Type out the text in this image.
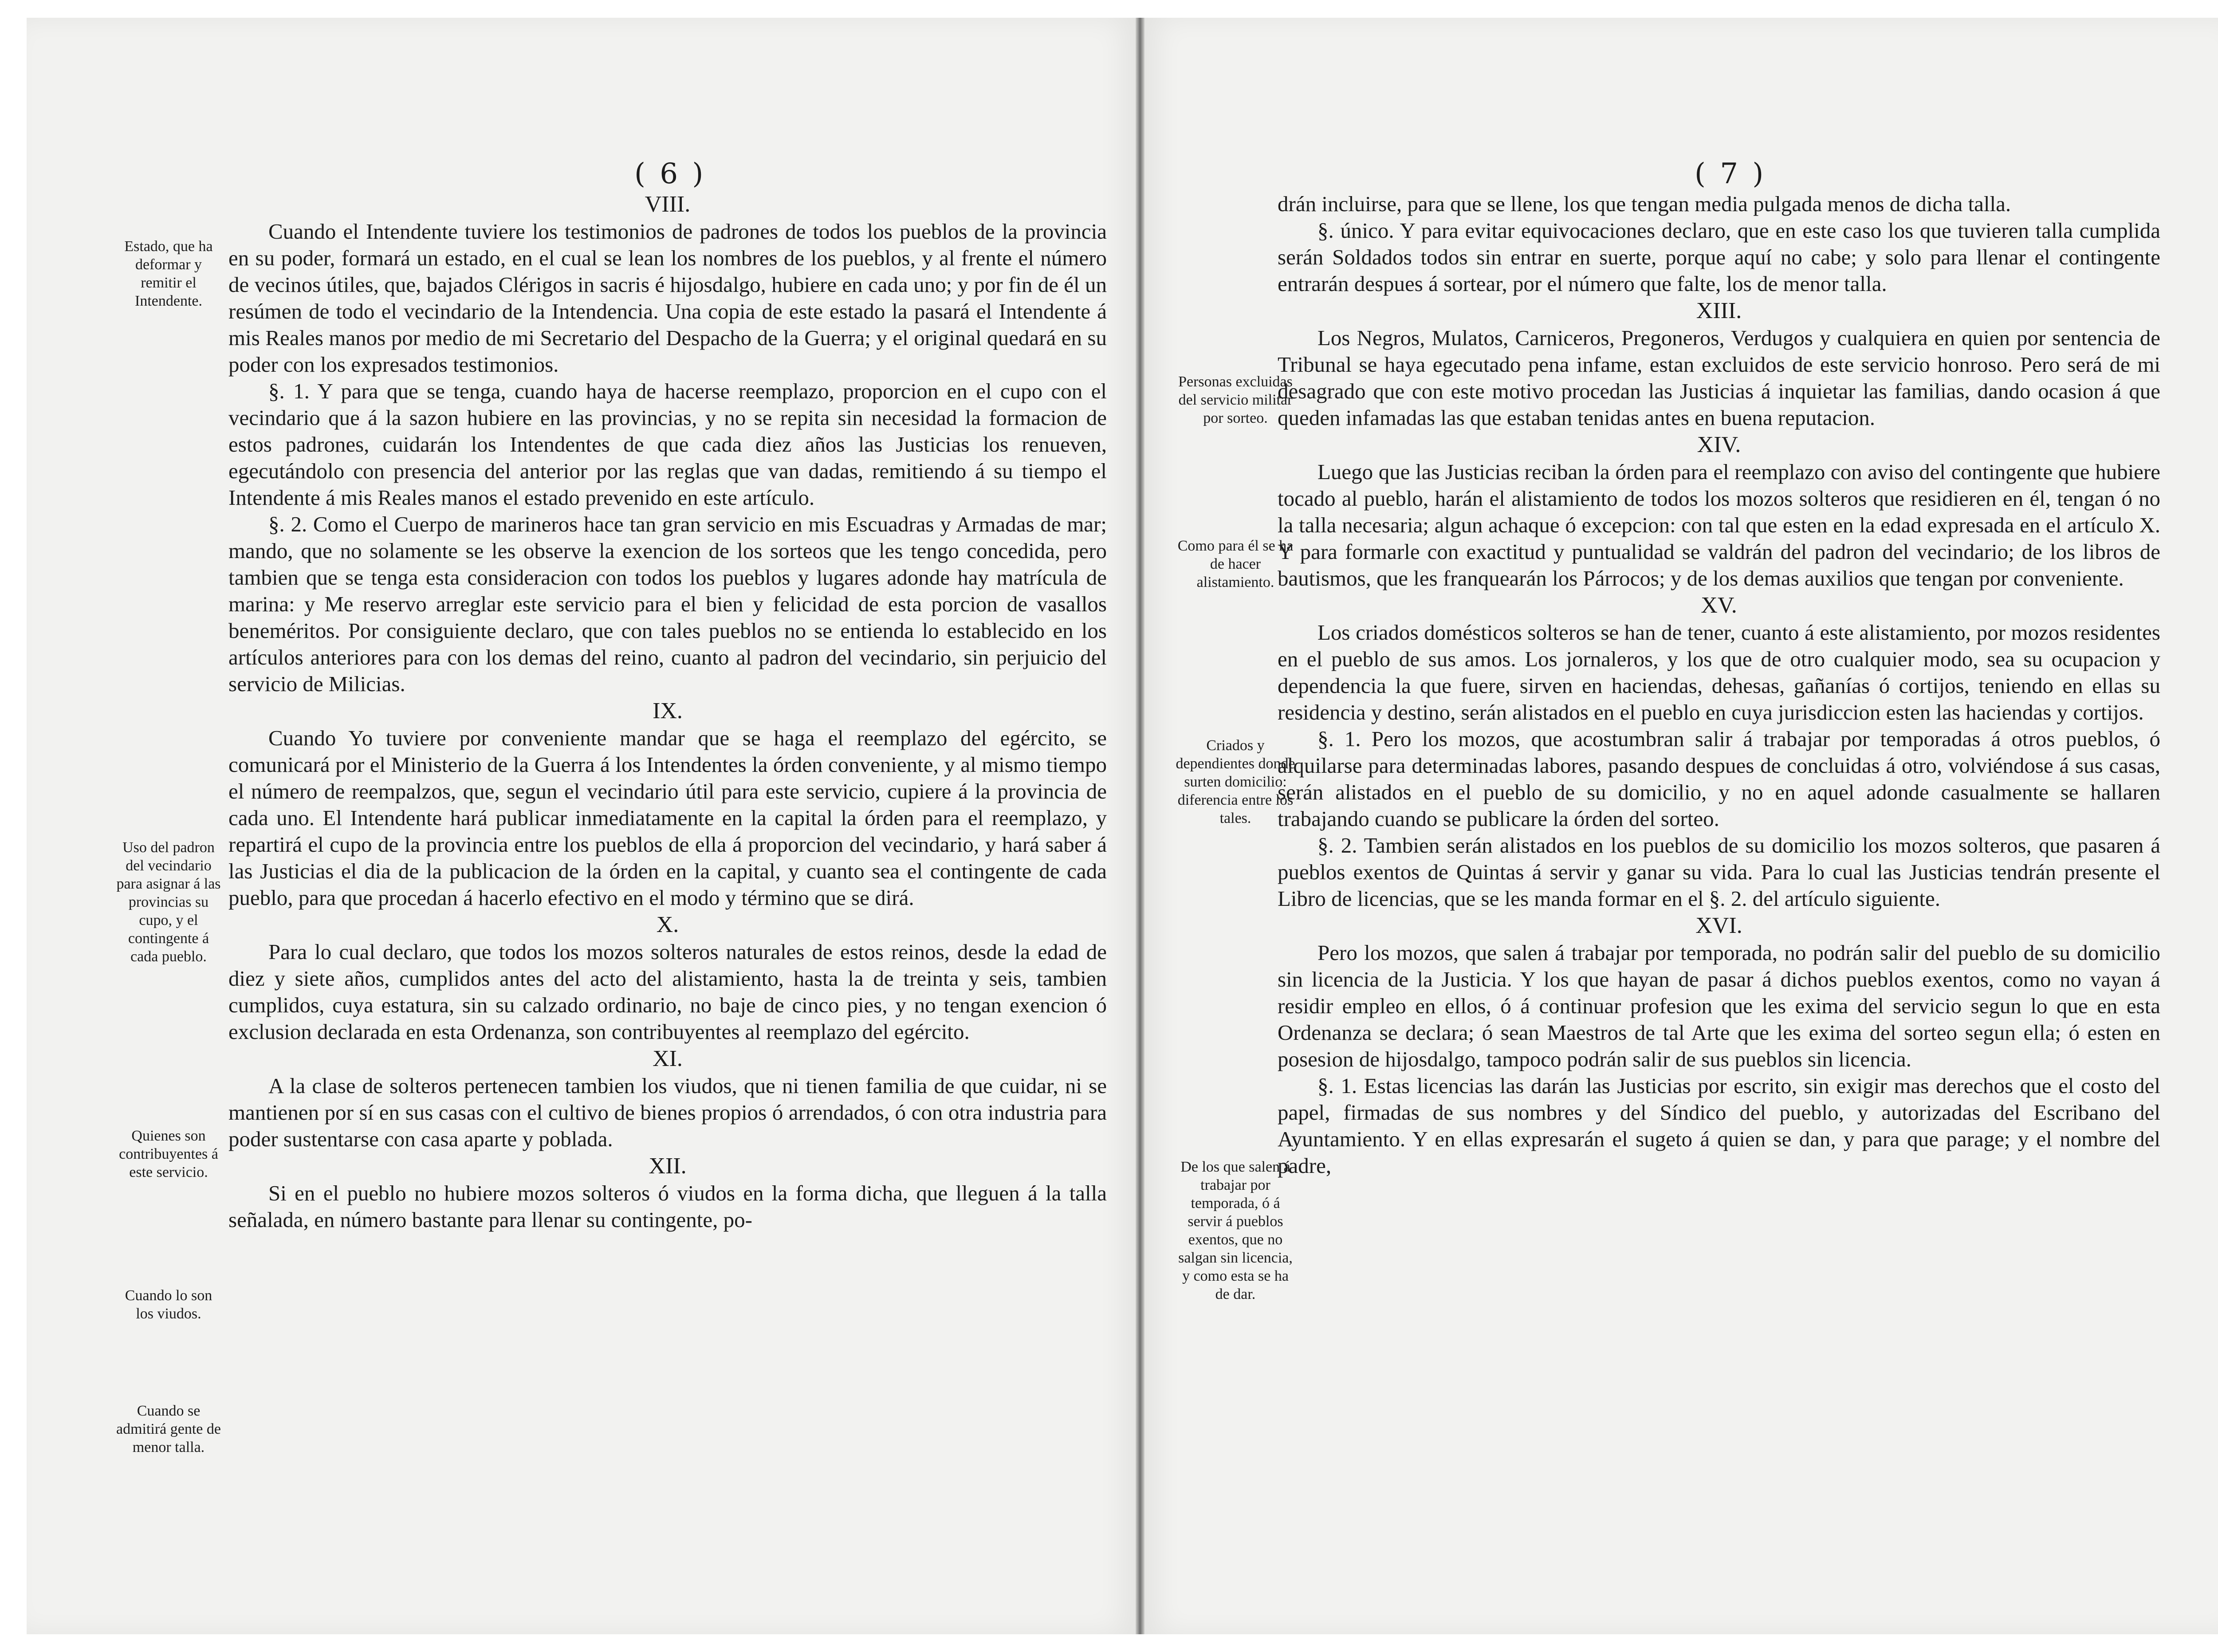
( 6 )
Estado, que ha deformar y remitir el Intendente.
Uso del padron del vecindario para asignar á las provincias su cupo, y el contingente á cada pueblo.
Quienes son contribuyentes á este servicio.
Cuando lo son los viudos.
Cuando se admitirá gente de menor talla.

VIII.

Cuando el Intendente tuviere los testimonios de padrones de todos los pueblos de la provincia en su poder, formará un estado, en el cual se lean los nombres de los pueblos, y al frente el número de vecinos útiles, que, bajados Clérigos in sacris é hijosdalgo, hubiere en cada uno; y por fin de él un resúmen de todo el vecindario de la Intendencia. Una copia de este estado la pasará el Intendente á mis Reales manos por medio de mi Secretario del Despacho de la Guerra; y el original quedará en su poder con los expresados testimonios.

§. 1. Y para que se tenga, cuando haya de hacerse reemplazo, proporcion en el cupo con el vecindario que á la sazon hubiere en las provincias, y no se repita sin necesidad la formacion de estos padrones, cuidarán los Intendentes de que cada diez años las Justicias los renueven, egecutándolo con presencia del anterior por las reglas que van dadas, remitiendo á su tiempo el Intendente á mis Reales manos el estado prevenido en este artículo.

§. 2. Como el Cuerpo de marineros hace tan gran servicio en mis Escuadras y Armadas de mar; mando, que no solamente se les observe la exencion de los sorteos que les tengo concedida, pero tambien que se tenga esta consideracion con todos los pueblos y lugares adonde hay matrícula de marina: y Me reservo arreglar este servicio para el bien y felicidad de esta porcion de vasallos beneméritos. Por consiguiente declaro, que con tales pueblos no se entienda lo establecido en los artículos anteriores para con los demas del reino, cuanto al padron del vecindario, sin perjuicio del servicio de Milicias.

IX.

Cuando Yo tuviere por conveniente mandar que se haga el reemplazo del egército, se comunicará por el Ministerio de la Guerra á los Intendentes la órden conveniente, y al mismo tiempo el número de reempalzos, que, segun el vecindario útil para este servicio, cupiere á la provincia de cada uno. El Intendente hará publicar inmediatamente en la capital la órden para el reemplazo, y repartirá el cupo de la provincia entre los pueblos de ella á proporcion del vecindario, y hará saber á las Justicias el dia de la publicacion de la órden en la capital, y cuanto sea el contingente de cada pueblo, para que procedan á hacerlo efectivo en el modo y término que se dirá.

X.

Para lo cual declaro, que todos los mozos solteros naturales de estos reinos, desde la edad de diez y siete años, cumplidos antes del acto del alistamiento, hasta la de treinta y seis, tambien cumplidos, cuya estatura, sin su calzado ordinario, no baje de cinco pies, y no tengan exencion ó exclusion declarada en esta Ordenanza, son contribuyentes al reemplazo del egército.

XI.

A la clase de solteros pertenecen tambien los viudos, que ni tienen familia de que cuidar, ni se mantienen por sí en sus casas con el cultivo de bienes propios ó arrendados, ó con otra industria para poder sustentarse con casa aparte y poblada.

XII.

Si en el pueblo no hubiere mozos solteros ó viudos en la forma dicha, que lleguen á la talla señalada, en número bastante para llenar su contingente, po-

( 7 )
Personas excluidas del servicio militar por sorteo.
Como para él se ha de hacer alistamiento.
Criados y dependientes donde surten domicilio: diferencia entre los tales.
De los que salen á trabajar por temporada, ó á servir á pueblos exentos, que no salgan sin licencia, y como esta se ha de dar.

drán incluirse, para que se llene, los que tengan media pulgada menos de dicha talla.

§. único. Y para evitar equivocaciones declaro, que en este caso los que tuvieren talla cumplida serán Soldados todos sin entrar en suerte, porque aquí no cabe; y solo para llenar el contingente entrarán despues á sortear, por el número que falte, los de menor talla.

XIII.

Los Negros, Mulatos, Carniceros, Pregoneros, Verdugos y cualquiera en quien por sentencia de Tribunal se haya egecutado pena infame, estan excluidos de este servicio honroso. Pero será de mi desagrado que con este motivo procedan las Justicias á inquietar las familias, dando ocasion á que queden infamadas las que estaban tenidas antes en buena reputacion.

XIV.

Luego que las Justicias reciban la órden para el reemplazo con aviso del contingente que hubiere tocado al pueblo, harán el alistamiento de todos los mozos solteros que residieren en él, tengan ó no la talla necesaria; algun achaque ó excepcion: con tal que esten en la edad expresada en el artículo X. Y para formarle con exactitud y puntualidad se valdrán del padron del vecindario; de los libros de bautismos, que les franquearán los Párrocos; y de los demas auxilios que tengan por conveniente.

XV.

Los criados domésticos solteros se han de tener, cuanto á este alistamiento, por mozos residentes en el pueblo de sus amos. Los jornaleros, y los que de otro cualquier modo, sea su ocupacion y dependencia la que fuere, sirven en haciendas, dehesas, gañanías ó cortijos, teniendo en ellas su residencia y destino, serán alistados en el pueblo en cuya jurisdiccion esten las haciendas y cortijos.

§. 1. Pero los mozos, que acostumbran salir á trabajar por temporadas á otros pueblos, ó alquilarse para determinadas labores, pasando despues de concluidas á otro, volviéndose á sus casas, serán alistados en el pueblo de su domicilio, y no en aquel adonde casualmente se hallaren trabajando cuando se publicare la órden del sorteo.

§. 2. Tambien serán alistados en los pueblos de su domicilio los mozos solteros, que pasaren á pueblos exentos de Quintas á servir y ganar su vida. Para lo cual las Justicias tendrán presente el Libro de licencias, que se les manda formar en el §. 2. del artículo siguiente.

XVI.

Pero los mozos, que salen á trabajar por temporada, no podrán salir del pueblo de su domicilio sin licencia de la Justicia. Y los que hayan de pasar á dichos pueblos exentos, como no vayan á residir empleo en ellos, ó á continuar profesion que les exima del servicio segun lo que en esta Ordenanza se declara; ó sean Maestros de tal Arte que les exima del sorteo segun ella; ó esten en posesion de hijosdalgo, tampoco podrán salir de sus pueblos sin licencia.

§. 1. Estas licencias las darán las Justicias por escrito, sin exigir mas derechos que el costo del papel, firmadas de sus nombres y del Síndico del pueblo, y autorizadas del Escribano del Ayuntamiento. Y en ellas expresarán el sugeto á quien se dan, y para que parage; y el nombre del padre,
